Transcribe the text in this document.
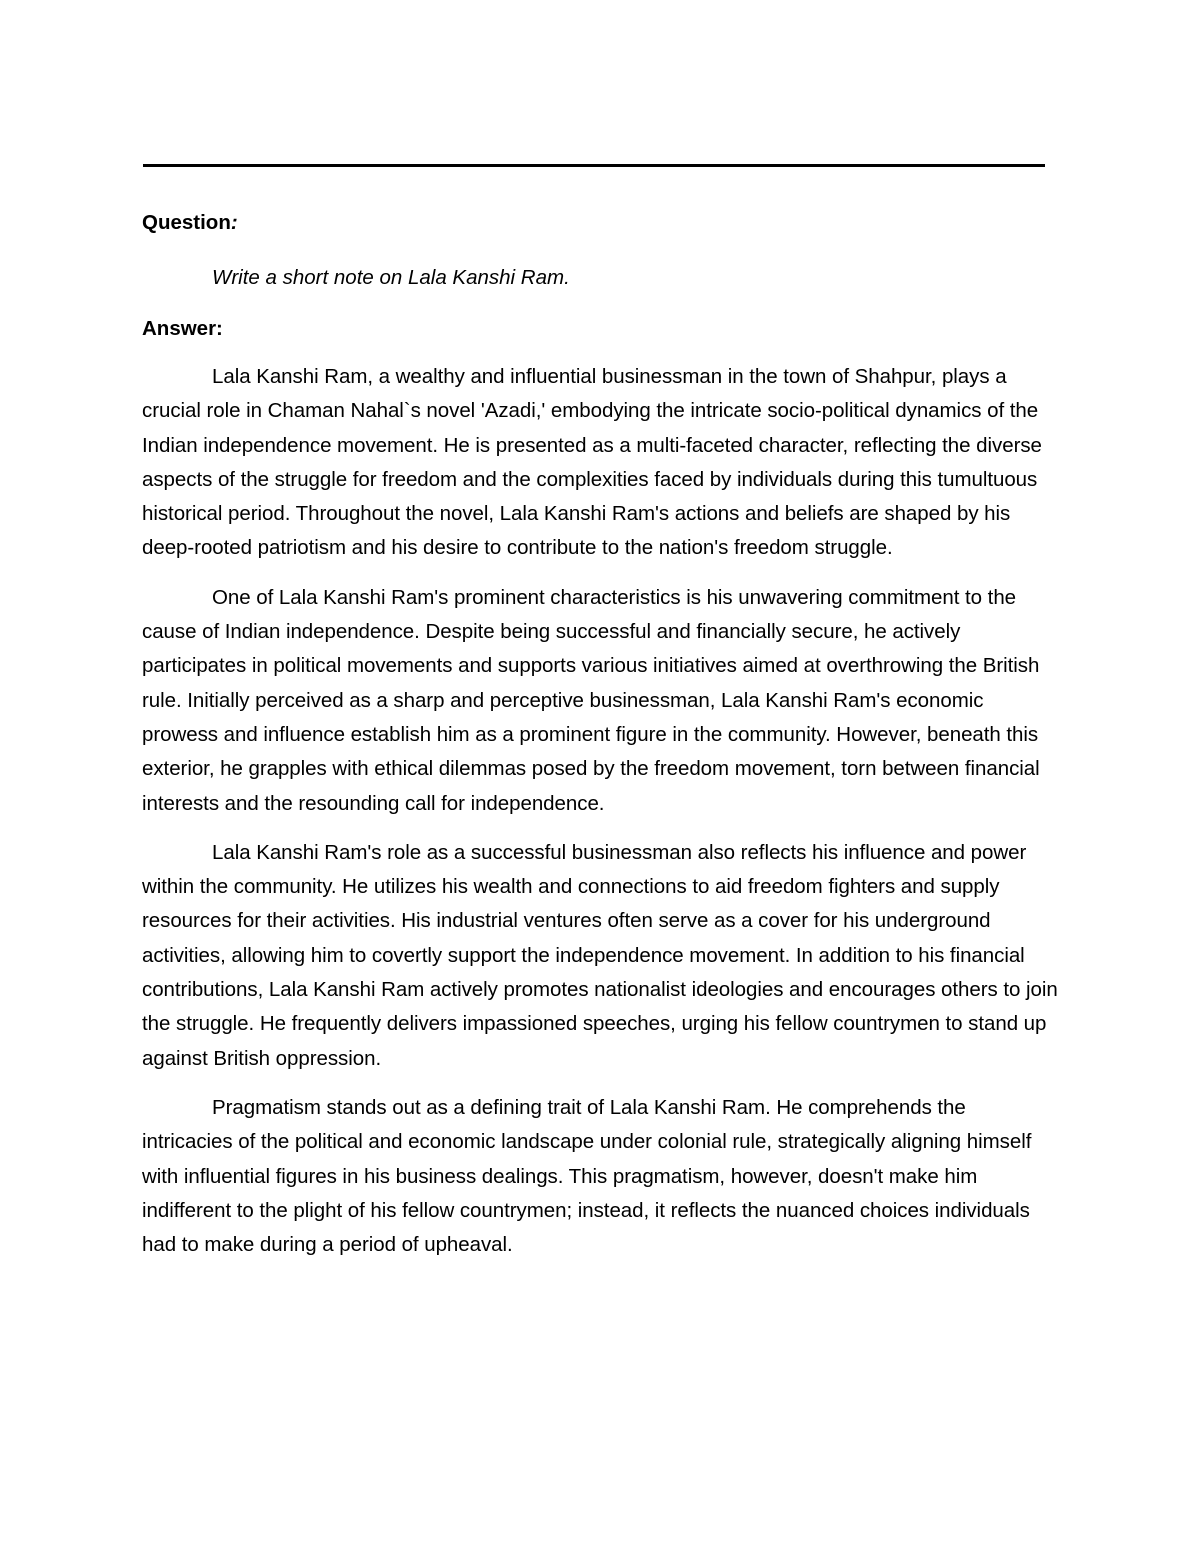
Question:

Write a short note on Lala Kanshi Ram.

Answer:

Lala Kanshi Ram, a wealthy and influential businessman in the town of Shahpur, plays a crucial role in Chaman Nahal`s novel 'Azadi,' embodying the intricate socio-political dynamics of the Indian independence movement. He is presented as a multi-faceted character, reflecting the diverse aspects of the struggle for freedom and the complexities faced by individuals during this tumultuous historical period. Throughout the novel, Lala Kanshi Ram's actions and beliefs are shaped by his deep-rooted patriotism and his desire to contribute to the nation's freedom struggle.

One of Lala Kanshi Ram's prominent characteristics is his unwavering commitment to the cause of Indian independence. Despite being successful and financially secure, he actively participates in political movements and supports various initiatives aimed at overthrowing the British rule. Initially perceived as a sharp and perceptive businessman, Lala Kanshi Ram's economic prowess and influence establish him as a prominent figure in the community. However, beneath this exterior, he grapples with ethical dilemmas posed by the freedom movement, torn between financial interests and the resounding call for independence.

Lala Kanshi Ram's role as a successful businessman also reflects his influence and power within the community. He utilizes his wealth and connections to aid freedom fighters and supply resources for their activities. His industrial ventures often serve as a cover for his underground activities, allowing him to covertly support the independence movement. In addition to his financial contributions, Lala Kanshi Ram actively promotes nationalist ideologies and encourages others to join the struggle. He frequently delivers impassioned speeches, urging his fellow countrymen to stand up against British oppression.

Pragmatism stands out as a defining trait of Lala Kanshi Ram. He comprehends the intricacies of the political and economic landscape under colonial rule, strategically aligning himself with influential figures in his business dealings. This pragmatism, however, doesn't make him indifferent to the plight of his fellow countrymen; instead, it reflects the nuanced choices individuals had to make during a period of upheaval.
